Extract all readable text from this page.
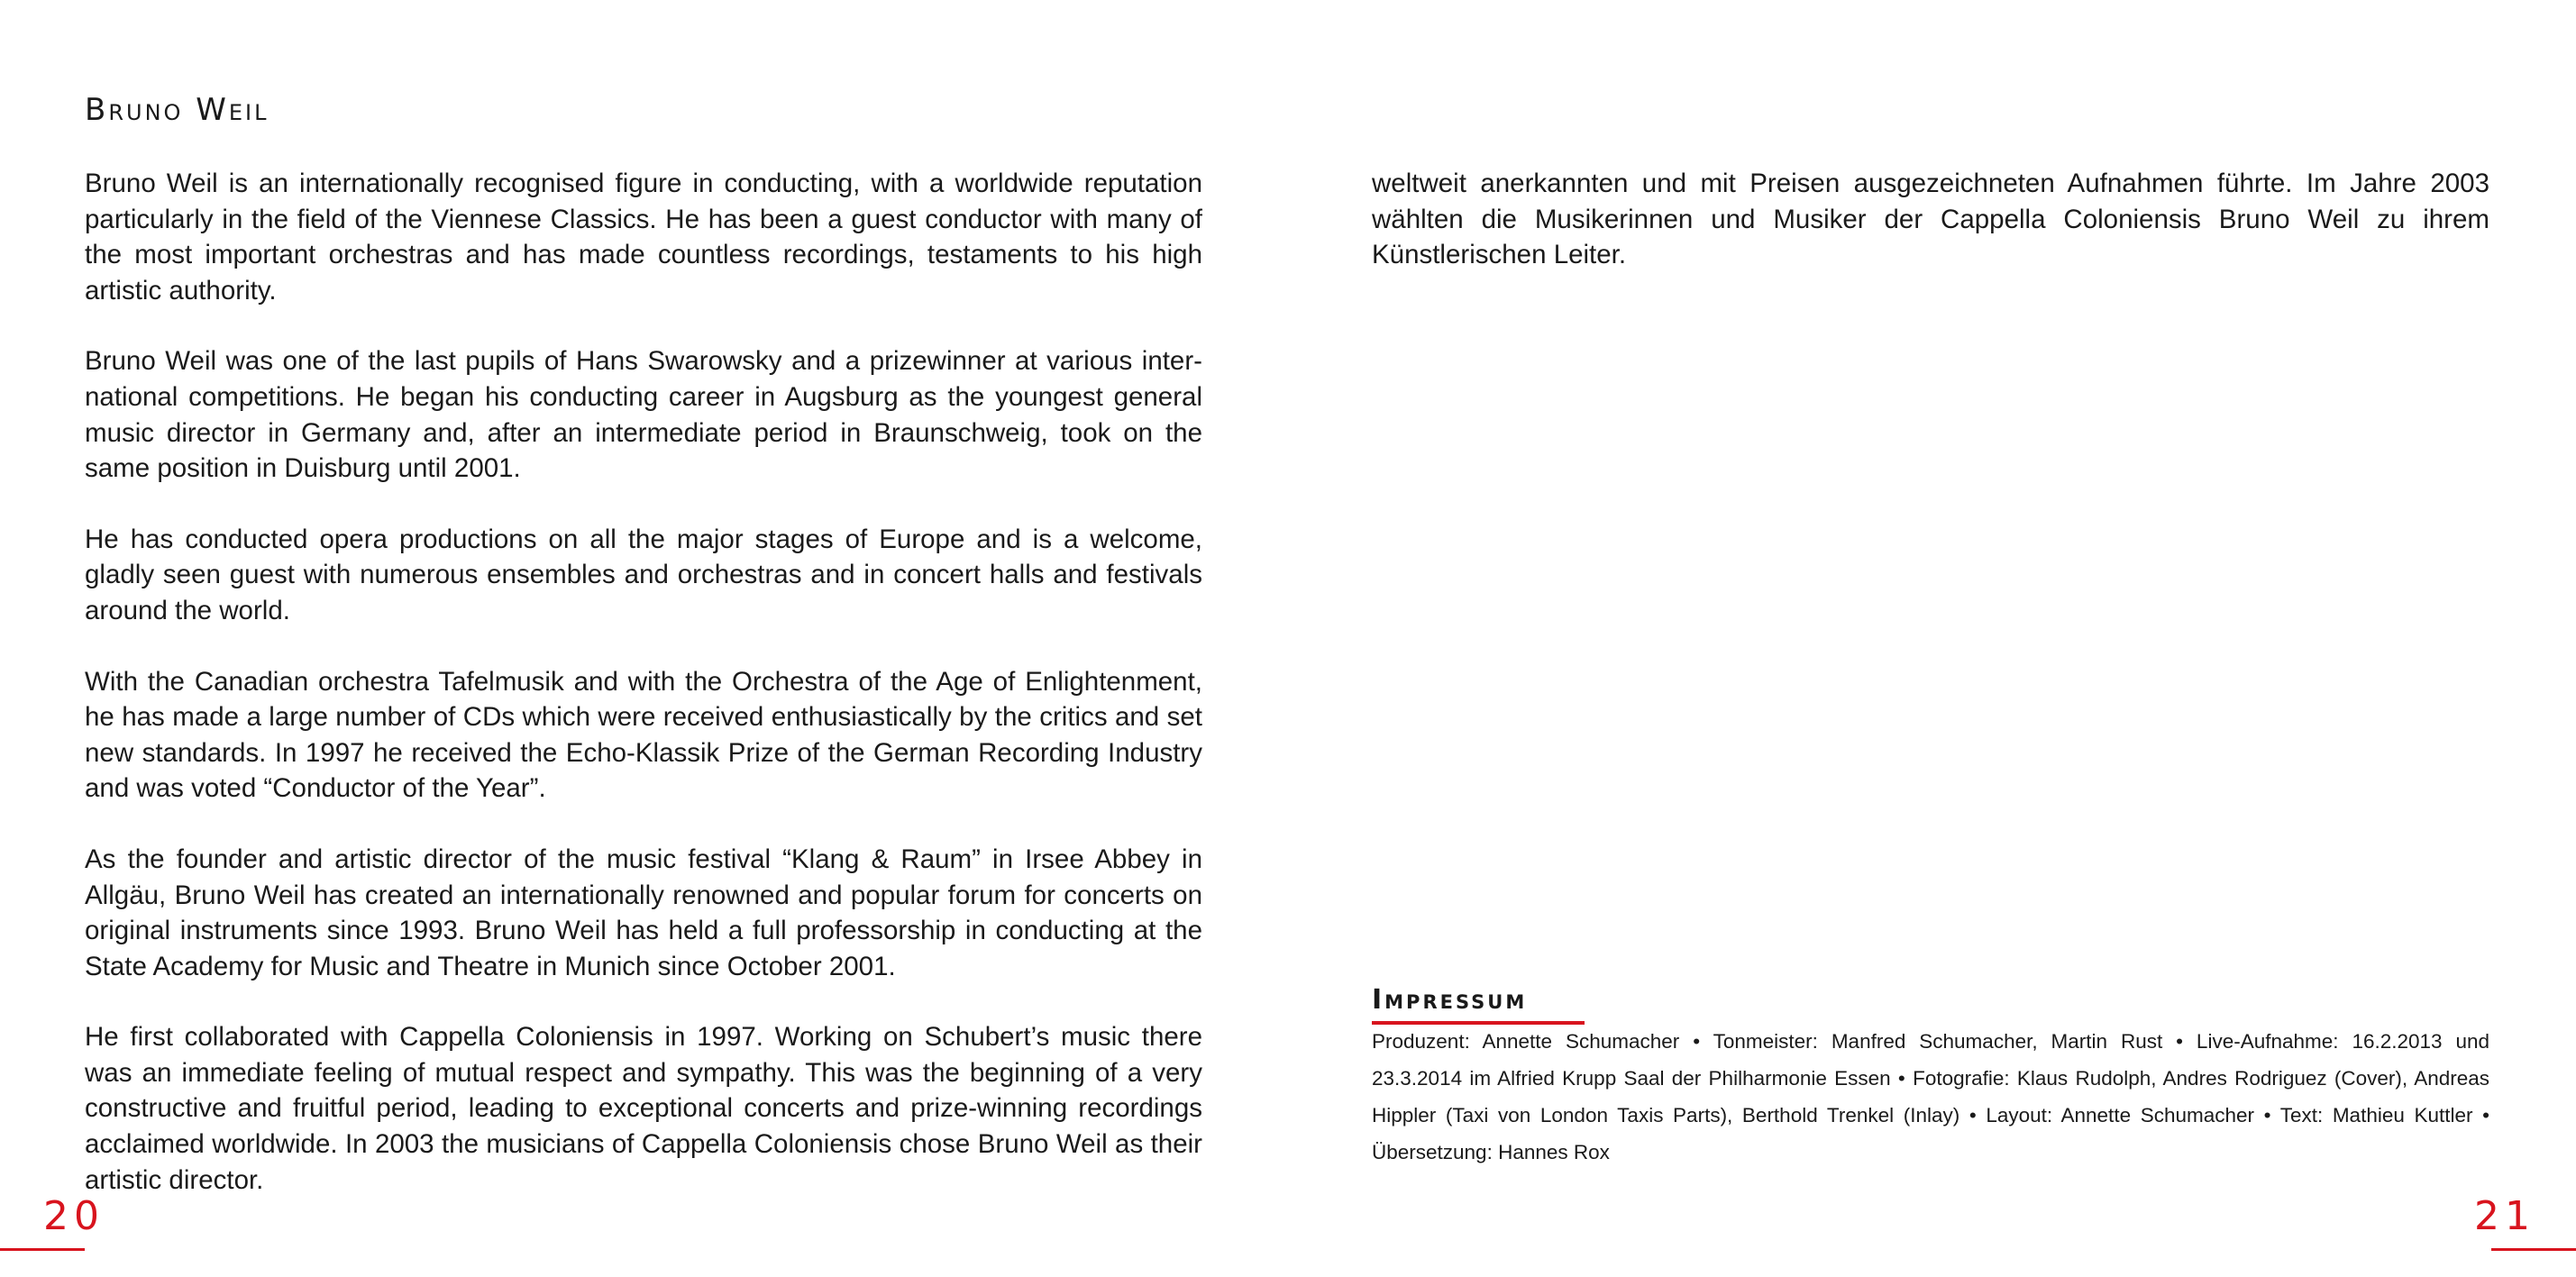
Bruno Weil

Bruno Weil is an internationally recognised figure in conducting, with a worldwide reputation particularly in the field of the Viennese Classics. He has been a guest conductor with many of the most important orchestras and has made countless recordings, testaments to his high artistic authority.

Bruno Weil was one of the last pupils of Hans Swarowsky and a prizewinner at various international competitions. He began his conducting career in Augsburg as the youngest general music director in Germany and, after an intermediate period in Braunschweig, took on the same position in Duisburg until 2001.

He has conducted opera productions on all the major stages of Europe and is a welcome, gladly seen guest with numerous ensembles and orchestras and in concert halls and festivals around the world.

With the Canadian orchestra Tafelmusik and with the Orchestra of the Age of Enlightenment, he has made a large number of CDs which were received enthusiastically by the critics and set new standards. In 1997 he received the Echo-Klassik Prize of the German Recording Industry and was voted “Conductor of the Year”.

As the founder and artistic director of the music festival “Klang & Raum” in Irsee Abbey in Allgäu, Bruno Weil has created an internationally renowned and popular forum for concerts on original instruments since 1993. Bruno Weil has held a full professorship in conducting at the State Academy for Music and Theatre in Munich since October 2001.

He first collaborated with Cappella Coloniensis in 1997. Working on Schubert’s music there was an immediate feeling of mutual respect and sympathy. This was the beginning of a very constructive and fruitful period, leading to exceptional concerts and prize-winning recordings acclaimed worldwide. In 2003 the musicians of Cappella Coloniensis chose Bruno Weil as their artistic director.

20

weltweit anerkannten und mit Preisen ausgezeichneten Aufnahmen führte. Im Jahre 2003 wählten die Musikerinnen und Musiker der Cappella Coloniensis Bruno Weil zu ihrem Künstlerischen Leiter.

Impressum

Produzent: Annette Schumacher • Tonmeister: Manfred Schumacher, Martin Rust • Live-Aufnahme: 16.2.2013 und 23.3.2014 im Alfried Krupp Saal der Philharmonie Essen • Fotografie: Klaus Rudolph, Andres Rodriguez (Cover), Andreas Hippler (Taxi von London Taxis Parts), Berthold Trenkel (Inlay) • Layout: Annette Schumacher • Text: Mathieu Kuttler • Übersetzung: Hannes Rox

21
